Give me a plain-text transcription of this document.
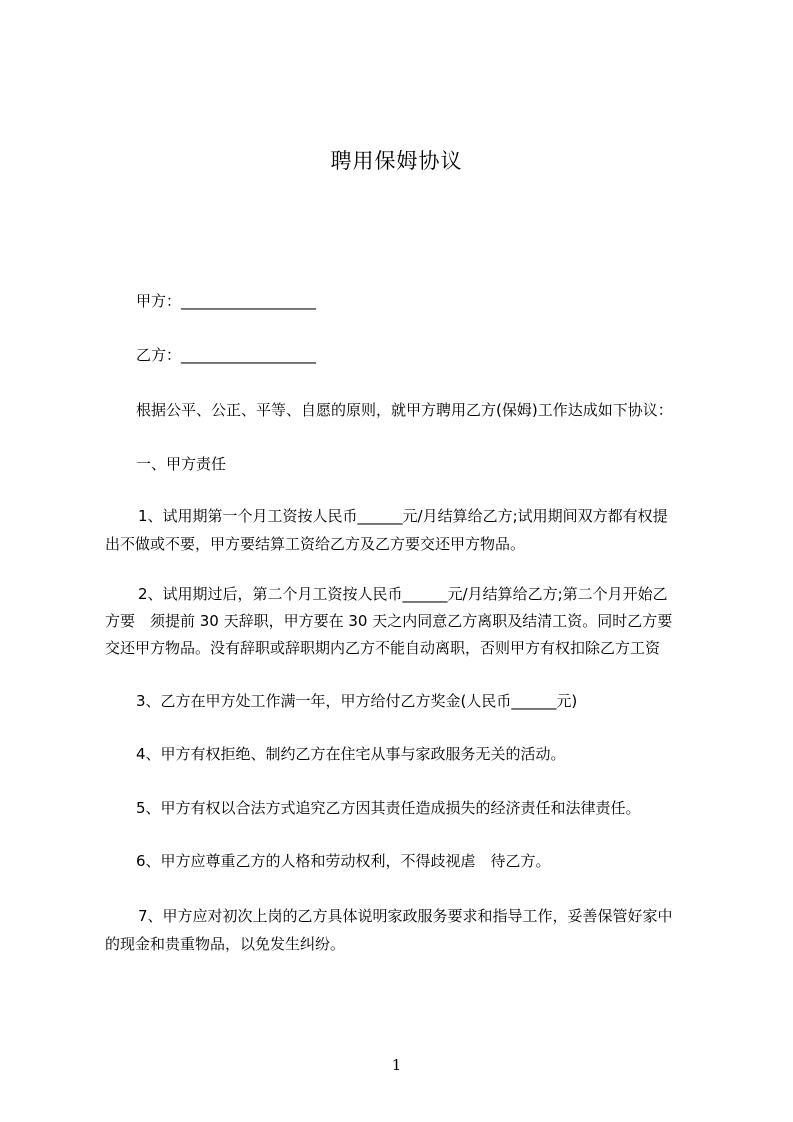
聘用保姆协议
甲方：__________________
乙方：__________________
根据公平、公正、平等、自愿的原则，就甲方聘用乙方(保姆)工作达成如下协议：
一、甲方责任
1、试用期第一个月工资按人民币______元/月结算给乙方;试用期间双方都有权提
出不做或不要，甲方要结算工资给乙方及乙方要交还甲方物品。
2、试用期过后，第二个月工资按人民币______元/月结算给乙方;第二个月开始乙
方要　须提前 30 天辞职，甲方要在 30 天之内同意乙方离职及结清工资。同时乙方要
交还甲方物品。没有辞职或辞职期内乙方不能自动离职，否则甲方有权扣除乙方工资
3、乙方在甲方处工作满一年，甲方给付乙方奖金(人民币______元)
4、甲方有权拒绝、制约乙方在住宅从事与家政服务无关的活动。
5、甲方有权以合法方式追究乙方因其责任造成损失的经济责任和法律责任。
6、甲方应尊重乙方的人格和劳动权利，不得歧视虐　待乙方。
7、甲方应对初次上岗的乙方具体说明家政服务要求和指导工作，妥善保管好家中
的现金和贵重物品，以免发生纠纷。
1
